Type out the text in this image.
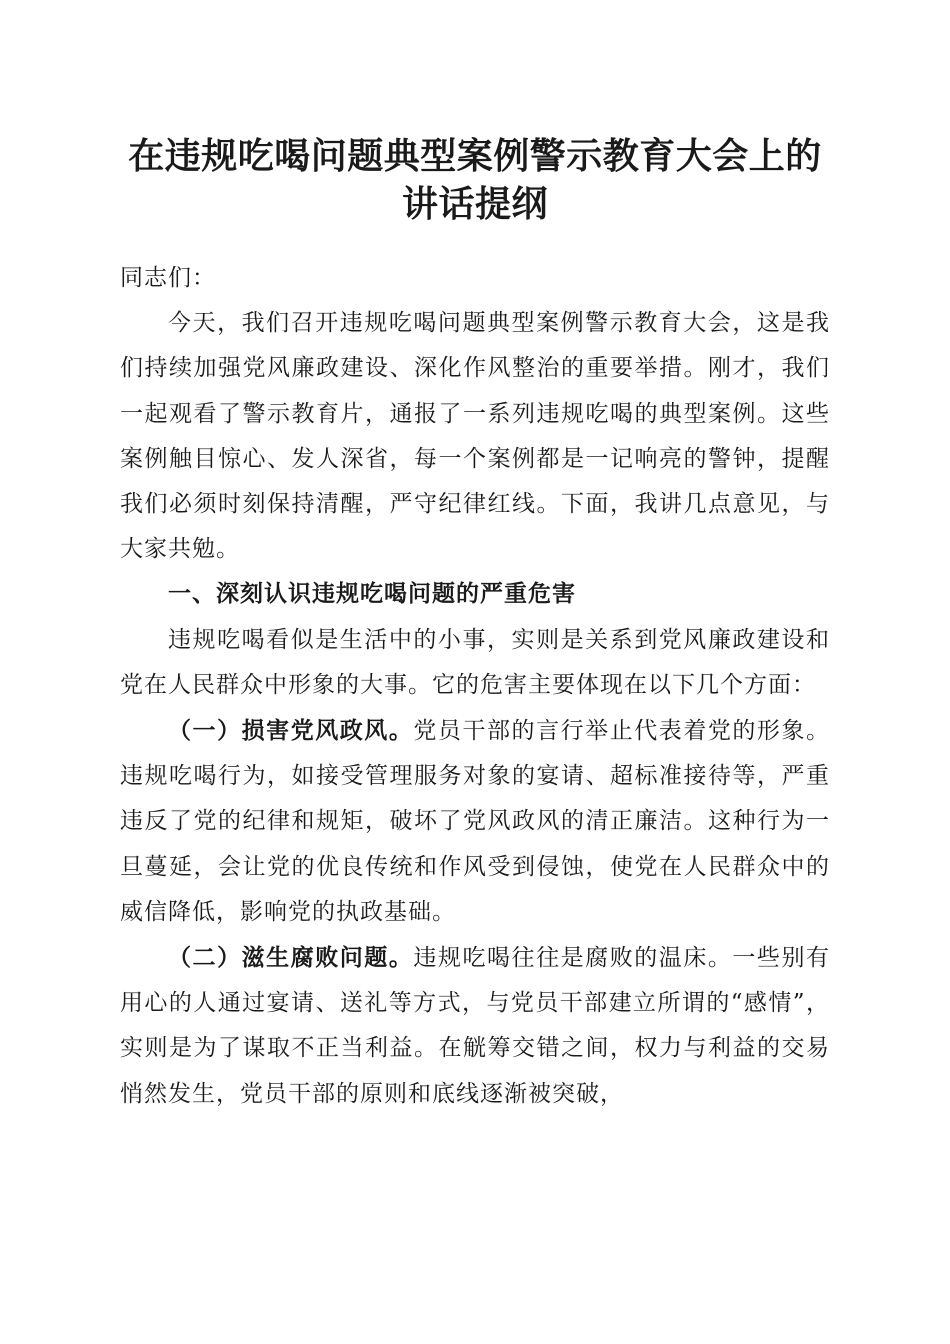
在违规吃喝问题典型案例警示教育大会上的讲话提纲

同志们：

今天，我们召开违规吃喝问题典型案例警示教育大会，这是我们持续加强党风廉政建设、深化作风整治的重要举措。刚才，我们一起观看了警示教育片，通报了一系列违规吃喝的典型案例。这些案例触目惊心、发人深省，每一个案例都是一记响亮的警钟，提醒我们必须时刻保持清醒，严守纪律红线。下面，我讲几点意见，与大家共勉。

一、深刻认识违规吃喝问题的严重危害

违规吃喝看似是生活中的小事，实则是关系到党风廉政建设和党在人民群众中形象的大事。它的危害主要体现在以下几个方面：

（一）损害党风政风。党员干部的言行举止代表着党的形象。违规吃喝行为，如接受管理服务对象的宴请、超标准接待等，严重违反了党的纪律和规矩，破坏了党风政风的清正廉洁。这种行为一旦蔓延，会让党的优良传统和作风受到侵蚀，使党在人民群众中的威信降低，影响党的执政基础。

（二）滋生腐败问题。违规吃喝往往是腐败的温床。一些别有用心的人通过宴请、送礼等方式，与党员干部建立所谓的“感情”，实则是为了谋取不正当利益。在觥筹交错之间，权力与利益的交易悄然发生，党员干部的原则和底线逐渐被突破，
